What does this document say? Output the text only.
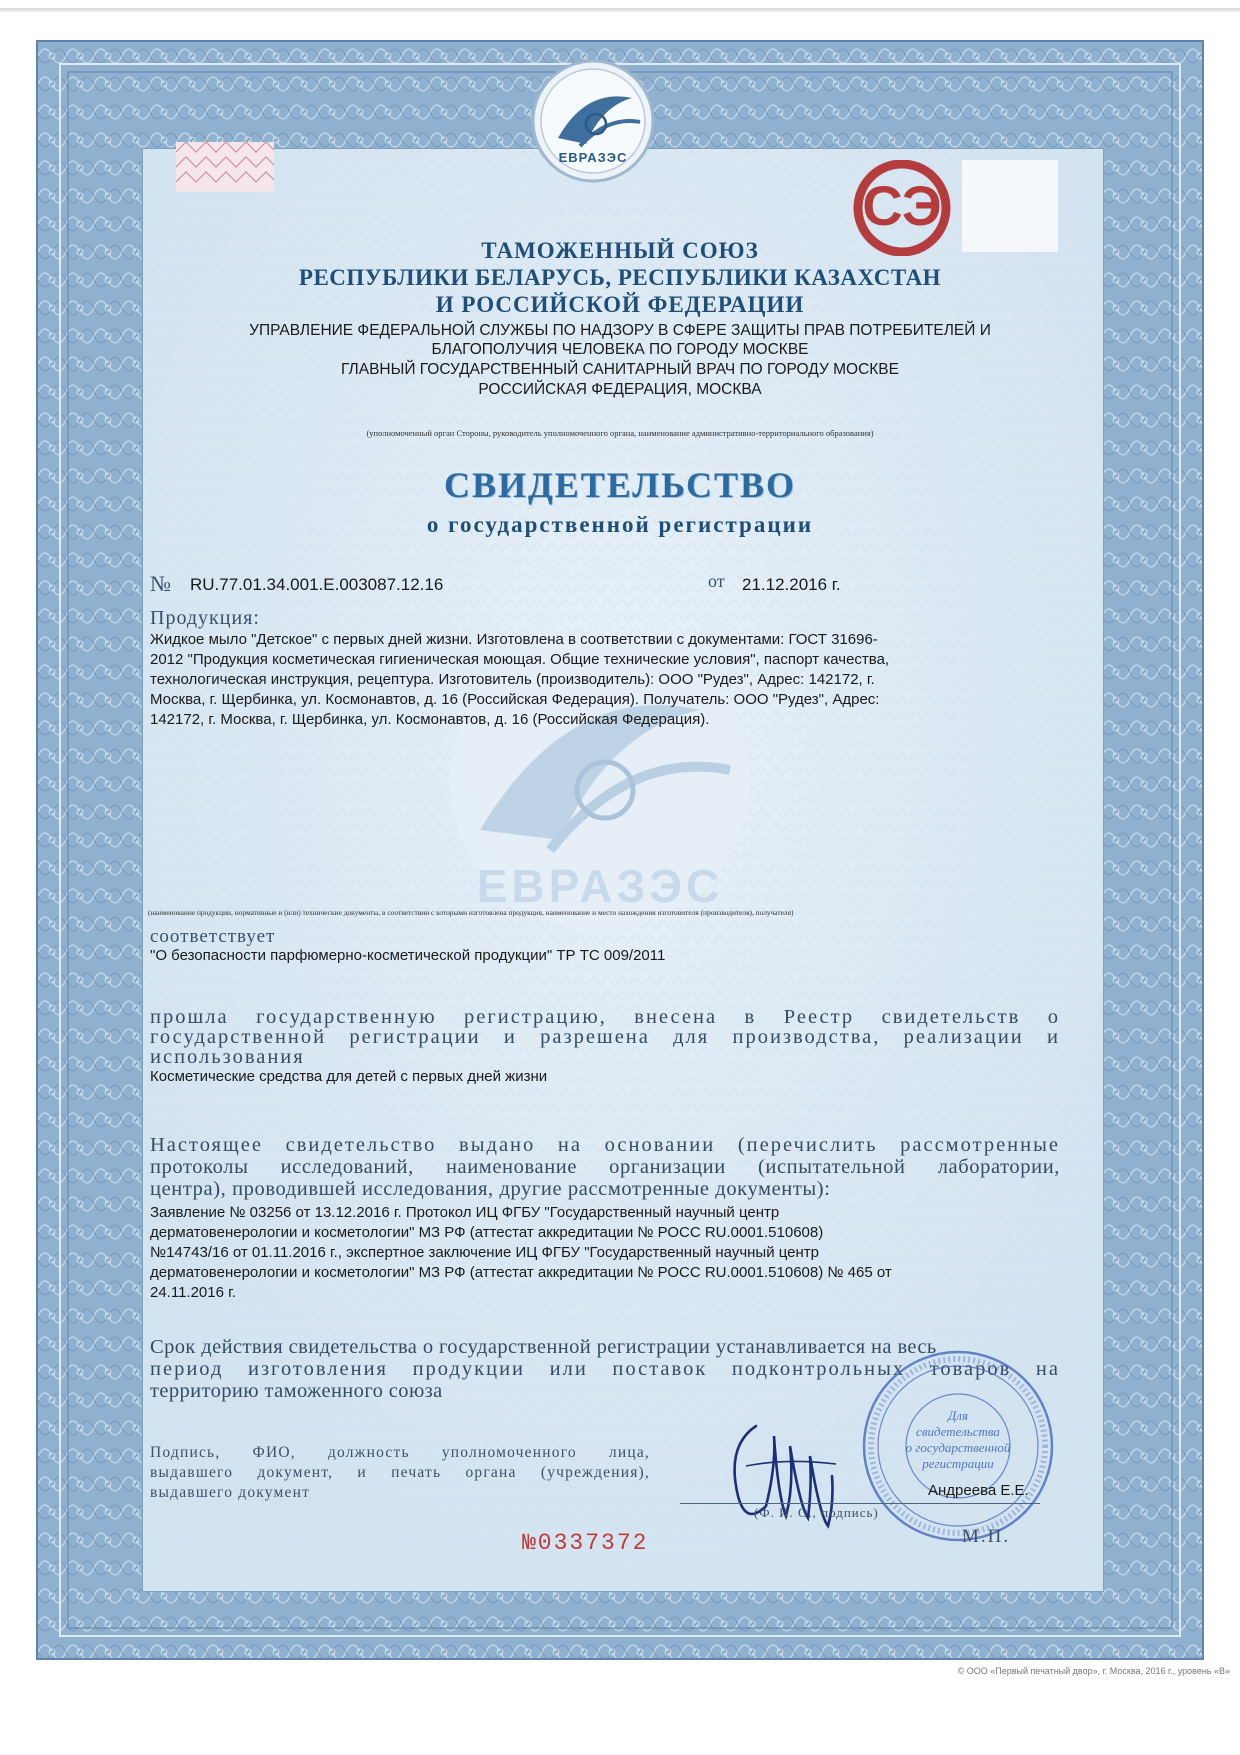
ЕВРАЗЭС
ЕВРАЗЭС
СЭ
ТАМОЖЕННЫЙ СОЮЗ
РЕСПУБЛИКИ БЕЛАРУСЬ, РЕСПУБЛИКИ КАЗАХСТАН
И РОССИЙСКОЙ ФЕДЕРАЦИИ
УПРАВЛЕНИЕ ФЕДЕРАЛЬНОЙ СЛУЖБЫ ПО НАДЗОРУ В СФЕРЕ ЗАЩИТЫ ПРАВ ПОТРЕБИТЕЛЕЙ И
БЛАГОПОЛУЧИЯ ЧЕЛОВЕКА ПО ГОРОДУ МОСКВЕ
ГЛАВНЫЙ ГОСУДАРСТВЕННЫЙ САНИТАРНЫЙ ВРАЧ ПО ГОРОДУ МОСКВЕ
РОССИЙСКАЯ ФЕДЕРАЦИЯ, МОСКВА
(уполномоченный орган Стороны, руководитель уполномоченного органа, наименование административно-территориального образования)
СВИДЕТЕЛЬСТВО
о государственной регистрации
№ RU.77.01.34.001.E.003087.12.16	от 21.12.2016 г.
Продукция:
Жидкое мыло "Детское" с первых дней жизни. Изготовлена в соответствии с документами: ГОСТ 31696-
2012 "Продукция косметическая гигиеническая моющая. Общие технические условия", паспорт качества,
технологическая инструкция, рецептура. Изготовитель (производитель): ООО "Рудез", Адрес: 142172, г.
Москва, г. Щербинка, ул. Космонавтов, д. 16 (Российская Федерация). Получатель: ООО "Рудез", Адрес:
142172, г. Москва, г. Щербинка, ул. Космонавтов, д. 16 (Российская Федерация).
(наименование продукции, нормативные и (или) технические документы, в соответствии с которыми изготовлена продукция, наименование и место нахождения изготовителя (производителя), получателя)
соответствует
"О безопасности парфюмерно-косметической продукции" ТР ТС 009/2011
прошла государственную регистрацию, внесена в Реестр свидетельств о
государственной регистрации и разрешена для производства, реализации и
использования
Косметические средства для детей с первых дней жизни
Настоящее свидетельство выдано на основании (перечислить рассмотренные
протоколы исследований, наименование организации (испытательной лаборатории,
центра), проводившей исследования, другие рассмотренные документы):
Заявление № 03256 от 13.12.2016 г. Протокол ИЦ ФГБУ "Государственный научный центр
дерматовенерологии и косметологии" МЗ РФ (аттестат аккредитации № РОСС RU.0001.510608)
№14743/16 от 01.11.2016 г., экспертное заключение ИЦ ФГБУ "Государственный научный центр
дерматовенерологии и косметологии" МЗ РФ (аттестат аккредитации № РОСС RU.0001.510608) № 465 от
24.11.2016 г.
Срок действия свидетельства о государственной регистрации устанавливается на весь
период изготовления продукции или поставок подконтрольных товаров на
территорию таможенного союза
Подпись, ФИО, должность уполномоченного лица,
выдавшего документ, и печать органа (учреждения),
выдавшего документ
Для
свидетельства
о государственной
регистрации
Андреева Е.Е.
(Ф. И. О., подпись)
М.П.
№0337372
© ООО «Первый печатный двор», г. Москва, 2016 г., уровень «В»
